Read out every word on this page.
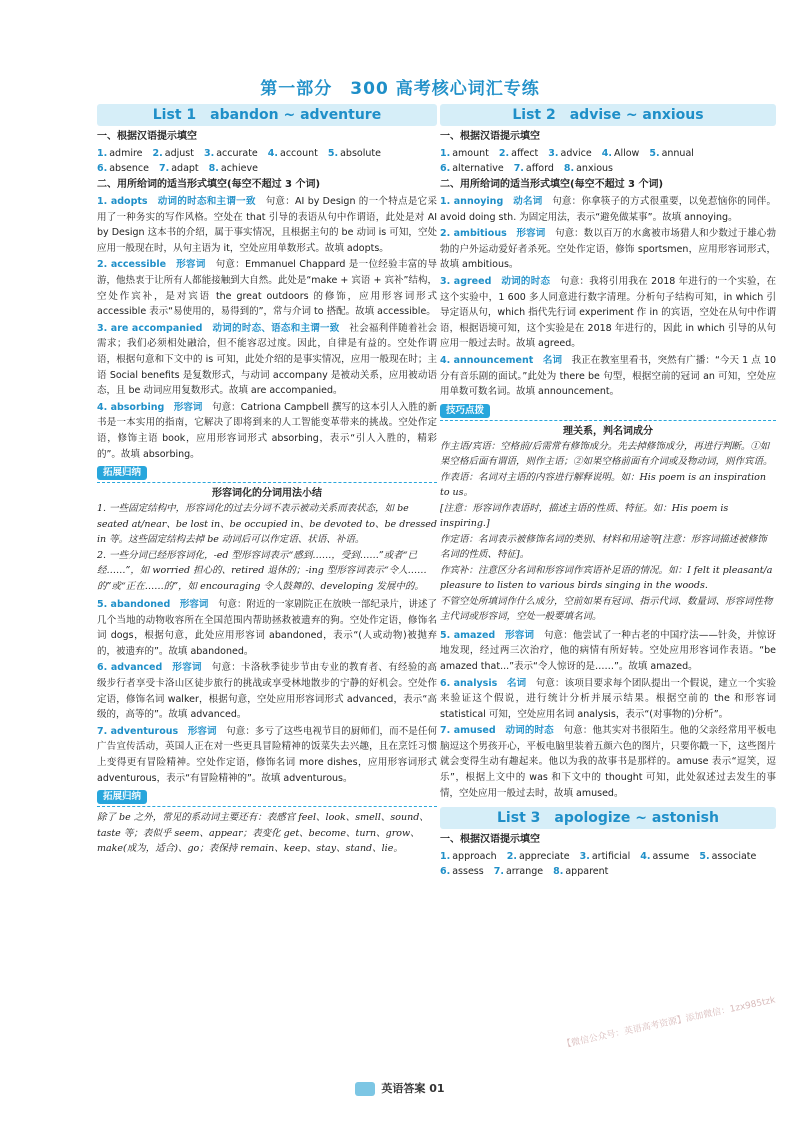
第一部分　300 高考核心词汇专练
List 1　abandon ~ adventure
一、根据汉语提示填空
1. admire 2. adjust 3. accurate 4. account 5. absolute
6. absence 7. adapt 8. achieve
二、用所给词的适当形式填空(每空不超过 3 个词)
1. adopts　动词的时态和主谓一致　句意：AI by Design 的一个特点是它采用了一种务实的写作风格。空处在 that 引导的表语从句中作谓语，此处是对 AI by Design 这本书的介绍，属于事实情况，且根据主句的 be 动词 is 可知，空处应用一般现在时，从句主语为 it，空处应用单数形式。故填 adopts。
2. accessible　形容词　句意：Emmanuel Chappard 是一位经验丰富的导游，他热衷于让所有人都能接触到大自然。此处是“make + 宾语 + 宾补”结构，空处作宾补，是对宾语 the great outdoors 的修饰，应用形容词形式 accessible 表示“易使用的，易得到的”，常与介词 to 搭配。故填 accessible。
3. are accompanied　动词的时态、语态和主谓一致　社会福利伴随着社会需求；我们必须相处融洽，但不能容忍过度。因此，自律是有益的。空处作谓语，根据句意和下文中的 is 可知，此处介绍的是事实情况，应用一般现在时；主语 Social benefits 是复数形式，与动词 accompany 是被动关系，应用被动语态，且 be 动词应用复数形式。故填 are accompanied。
4. absorbing　形容词　句意：Catriona Campbell 撰写的这本引人入胜的新书是一本实用的指南，它解决了即将到来的人工智能变革带来的挑战。空处作定语，修饰主语 book，应用形容词形式 absorbing，表示“引人入胜的，精彩的”。故填 absorbing。
拓展归纳
形容词化的分词用法小结
1. 一些固定结构中，形容词化的过去分词不表示被动关系而表状态，如 be seated at/near、be lost in、be occupied in、be devoted to、be dressed in 等。这些固定结构去掉 be 动词后可以作定语、状语、补语。
2. 一些分词已经形容词化，-ed 型形容词表示“感到……，受到……”或者“已经……”，如 worried 担心的、retired 退休的；-ing 型形容词表示“令人……的”或“正在……的”，如 encouraging 令人鼓舞的、developing 发展中的。
5. abandoned　形容词　句意：附近的一家剧院正在放映一部纪录片，讲述了几个当地的动物收容所在全国范围内帮助拯救被遗弃的狗。空处作定语，修饰名词 dogs，根据句意，此处应用形容词 abandoned，表示“(人或动物)被抛弃的，被遗弃的”。故填 abandoned。
6. advanced　形容词　句意：卡洛秋季徒步节由专业的教育者、有经验的高级步行者享受卡洛山区徒步旅行的挑战或享受林地散步的宁静的好机会。空处作定语，修饰名词 walker，根据句意，空处应用形容词形式 advanced，表示“高级的，高等的”。故填 advanced。
7. adventurous　形容词　句意：多亏了这些电视节目的厨师们，而不是任何广告宣传活动，英国人正在对一些更具冒险精神的饭菜失去兴趣，且在烹饪习惯上变得更有冒险精神。空处作定语，修饰名词 more dishes，应用形容词形式 adventurous，表示“有冒险精神的”。故填 adventurous。
拓展归纳
除了 be 之外，常见的系动词主要还有：表感官 feel、look、smell、sound、taste 等；表似乎 seem、appear；表变化 get、become、turn、grow、make(成为，适合)、go；表保持 remain、keep、stay、stand、lie。
List 2　advise ~ anxious
一、根据汉语提示填空
1. amount 2. affect 3. advice 4. Allow 5. annual
6. alternative 7. afford 8. anxious
二、用所给词的适当形式填空(每空不超过 3 个词)
1. annoying　动名词　句意：你拿筷子的方式很重要，以免惹恼你的同伴。avoid doing sth. 为固定用法，表示“避免做某事”。故填 annoying。
2. ambitious　形容词　句意：数以百万的水禽被市场猎人和少数过于雄心勃勃的户外运动爱好者杀死。空处作定语，修饰 sportsmen，应用形容词形式，故填 ambitious。
3. agreed　动词的时态　句意：我将引用我在 2018 年进行的一个实验，在这个实验中，1 600 多人同意进行数字清理。分析句子结构可知，in which 引导定语从句，which 指代先行词 experiment 作 in 的宾语，空处在从句中作谓语，根据语境可知，这个实验是在 2018 年进行的，因此 in which 引导的从句应用一般过去时。故填 agreed。
4. announcement　名词　我正在教室里看书，突然有广播：“今天 1 点 10 分有音乐剧的面试。”此处为 there be 句型，根据空前的冠词 an 可知，空处应用单数可数名词。故填 announcement。
技巧点拨
理关系，判名词成分
作主语/宾语：空格前/后需常有修饰成分。先去掉修饰成分，再进行判断。①如果空格后面有谓语，则作主语；②如果空格前面有介词或及物动词，则作宾语。
作表语：名词对主语的内容进行解释说明。如：His poem is an inspiration to us。
[注意：形容词作表语时，描述主语的性质、特征。如：His poem is inspiring.]
作定语：名词表示被修饰名词的类别、材料和用途等[注意：形容词描述被修饰名词的性质、特征]。
作宾补：注意区分名词和形容词作宾语补足语的情况。如：I felt it pleasant/a pleasure to listen to various birds singing in the woods.
不管空处所填词作什么成分，空前如果有冠词、指示代词、数量词、形容词性物主代词或形容词，空处一般要填名词。
5. amazed　形容词　句意：他尝试了一种古老的中国疗法——针灸，并惊讶地发现，经过两三次治疗，他的病情有所好转。空处应用形容词作表语。“be amazed that...”表示“令人惊讶的是……”。故填 amazed。
6. analysis　名词　句意：该项目要求每个团队提出一个假说，建立一个实验来验证这个假说，进行统计分析并展示结果。根据空前的 the 和形容词 statistical 可知，空处应用名词 analysis，表示“(对事物的)分析”。
7. amused　动词的时态　句意：他其实对书很陌生。他的父亲经常用平板电脑逗这个男孩开心，平板电脑里装着五颜六色的图片，只要你戳一下，这些图片就会变得生动有趣起来。他以为我的故事书是那样的。amuse 表示“逗笑，逗乐”，根据上文中的 was 和下文中的 thought 可知，此处叙述过去发生的事情，空处应用一般过去时，故填 amused。
List 3　apologize ~ astonish
一、根据汉语提示填空
1. approach 2. appreciate 3. artificial 4. assume 5. associate
6. assess 7. arrange 8. apparent
【微信公众号：英语高考资源】添加微信：1zx985tzk
英语答案 01
